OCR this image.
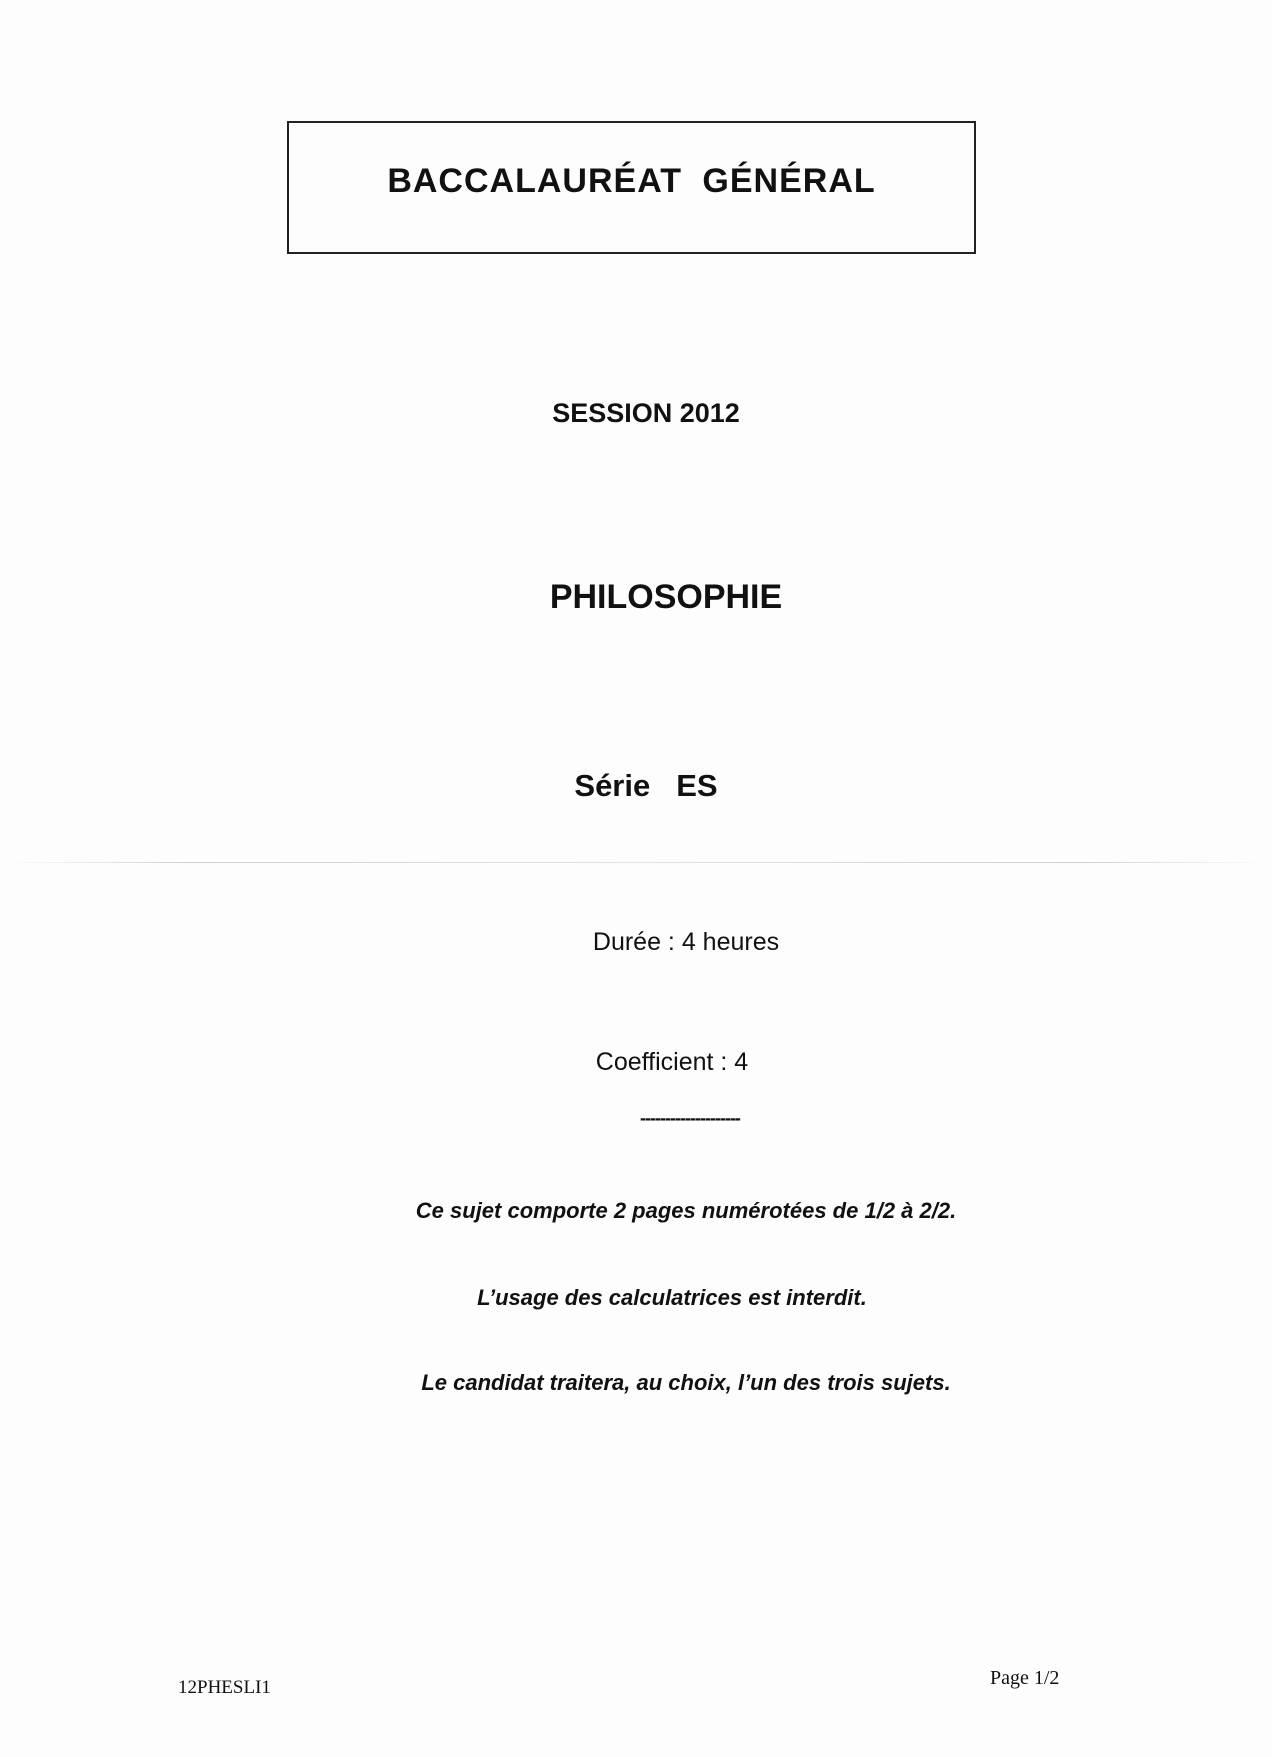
BACCALAURÉAT GÉNÉRAL
SESSION 2012
PHILOSOPHIE
Série ES
Durée : 4 heures
Coefficient : 4
--------------------
Ce sujet comporte 2 pages numérotées de 1/2 à 2/2.
L’usage des calculatrices est interdit.
Le candidat traitera, au choix, l’un des trois sujets.
12PHESLI1	Page 1/2
